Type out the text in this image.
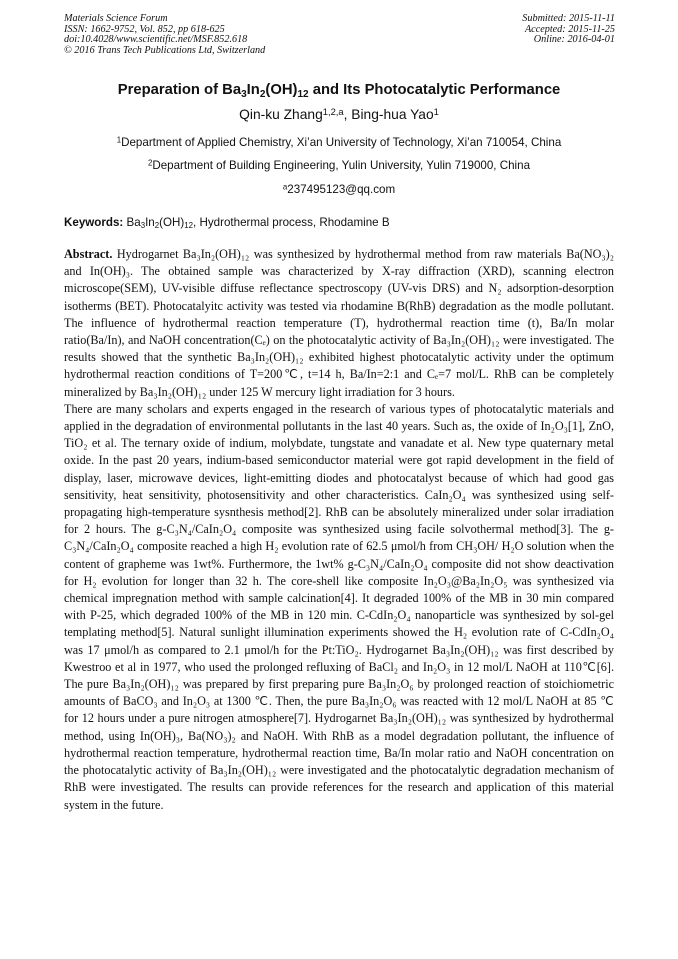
Materials Science Forum
ISSN: 1662-9752, Vol. 852, pp 618-625
doi:10.4028/www.scientific.net/MSF.852.618
© 2016 Trans Tech Publications Ltd, Switzerland
Submitted: 2015-11-11
Accepted: 2015-11-25
Online: 2016-04-01
Preparation of $Ba_3In_2(OH)_{12}$ and Its Photocatalytic Performance
Qin-ku Zhang$^{1,2,a}$, Bing-hua Yao$^1$
$^1$Department of Applied Chemistry, Xi’an University of Technology, Xi’an 710054, China
$^2$Department of Building Engineering, Yulin University, Yulin 719000, China
$^a$237495123@qq.com
Keywords: $Ba_3In_2(OH)_{12}$, Hydrothermal process, Rhodamine B

Abstract. Hydrogarnet Ba₃In₂(OH)₁₂ was synthesized by hydrothermal method from raw materials Ba(NO₃)₂ and In(OH)₃. The obtained sample was characterized by X-ray diffraction (XRD), scanning electron microscope(SEM), UV-visible diffuse reflectance spectroscopy (UV-vis DRS) and N₂ adsorption-desorption isotherms (BET). Photocatalyitc activity was tested via rhodamine B(RhB) degradation as the modle pollutant. The influence of hydrothermal reaction temperature (T), hydrothermal reaction time (t), Ba/In molar ratio(Ba/In), and NaOH concentration(Cₑ) on the photocatalytic activity of Ba₃In₂(OH)₁₂ were investigated. The results showed that the synthetic Ba₃In₂(OH)₁₂ exhibited highest photocatalytic activity under the optimum hydrothermal reaction conditions of T=200℃, t=14 h, Ba/In=2:1 and Cₑ=7 mol/L. RhB can be completely mineralized by Ba₃In₂(OH)₁₂ under 125 W mercury light irradiation for 3 hours.

There are many scholars and experts engaged in the research of various types of photocatalytic materials and applied in the degradation of environmental pollutants in the last 40 years. Such as, the oxide of In₂O₃[1], ZnO, TiO₂ et al. The ternary oxide of indium, molybdate, tungstate and vanadate et al. New type quaternary metal oxide. In the past 20 years, indium-based semiconductor material were got rapid development in the field of display, laser, microwave devices, light-emitting diodes and photocatalyst because of which had good gas sensitivity, heat sensitivity, photosensitivity and other characteristics. CaIn₂O₄ was synthesized using self-propagating high-temperature sysnthesis method[2]. RhB can be absolutely mineralized under solar irradiation for 2 hours. The g-C₃N₄/CaIn₂O₄ composite was synthesized using facile solvothermal method[3]. The g-C₃N₄/CaIn₂O₄ composite reached a high H₂ evolution rate of 62.5 μmol/h from CH₃OH/ H₂O solution when the content of grapheme was 1wt%. Furthermore, the 1wt% g-C₃N₄/CaIn₂O₄ composite did not show deactivation for H₂ evolution for longer than 32 h. The core-shell like composite In₂O₃@Ba₂In₂O₅ was synthesized via chemical impregnation method with sample calcination[4]. It degraded 100% of the MB in 30 min compared with P-25, which degraded 100% of the MB in 120 min. C-CdIn₂O₄ nanoparticle was synthesized by sol-gel templating method[5]. Natural sunlight illumination experiments showed the H₂ evolution rate of C-CdIn₂O₄ was 17 μmol/h as compared to 2.1 μmol/h for the Pt:TiO₂. Hydrogarnet Ba₃In₂(OH)₁₂ was first described by Kwestroo et al in 1977, who used the prolonged refluxing of BaCl₂ and In₂O₃ in 12 mol/L NaOH at 110℃[6]. The pure Ba₃In₂(OH)₁₂ was prepared by first preparing pure Ba₃In₂O₆ by prolonged reaction of stoichiometric amounts of BaCO₃ and In₂O₃ at 1300 ℃. Then, the pure Ba₃In₂O₆ was reacted with 12 mol/L NaOH at 85 ℃ for 12 hours under a pure nitrogen atmosphere[7]. Hydrogarnet Ba₃In₂(OH)₁₂ was synthesized by hydrothermal method, using In(OH)₃, Ba(NO₃)₂ and NaOH. With RhB as a model degradation pollutant, the influence of hydrothermal reaction temperature, hydrothermal reaction time, Ba/In molar ratio and NaOH concentration on the photocatalytic activity of Ba₃In₂(OH)₁₂ were investigated and the photocatalytic degradation mechanism of RhB were investigated. The results can provide references for the research and application of this material system in the future.
